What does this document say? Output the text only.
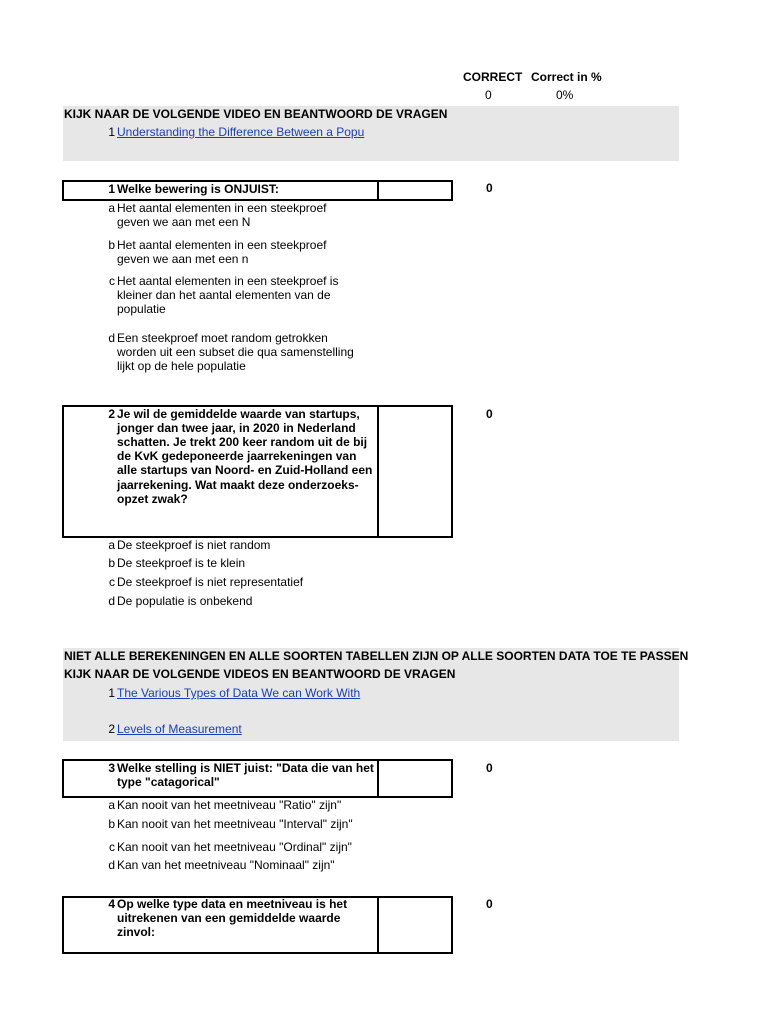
CORRECT Correct in %
0	0%
KIJK NAAR DE VOLGENDE VIDEO EN BEANTWOORD DE VRAGEN
1 Understanding the Difference Between a Popu
1 Welke bewering is ONJUIST:	0
a Het aantal elementen in een steekproef
geven we aan met een N
b Het aantal elementen in een steekproef
geven we aan met een n
c Het aantal elementen in een steekproef is
kleiner dan het aantal elementen van de
populatie
d Een steekproef moet random getrokken
worden uit een subset die qua samenstelling
lijkt op de hele populatie
2 Je wil de gemiddelde waarde van startups,
jonger dan twee jaar, in 2020 in Nederland
schatten. Je trekt 200 keer random uit de bij
de KvK gedeponeerde jaarrekeningen van
alle startups van Noord- en Zuid-Holland een
jaarrekening. Wat maakt deze onderzoeks-
opzet zwak?
0
a De steekproef is niet random
b De steekproef is te klein
c De steekproef is niet representatief
d De populatie is onbekend
NIET ALLE BEREKENINGEN EN ALLE SOORTEN TABELLEN ZIJN OP ALLE SOORTEN DATA TOE TE PASSEN
KIJK NAAR DE VOLGENDE VIDEOS EN BEANTWOORD DE VRAGEN
1 The Various Types of Data We can Work With
2 Levels of Measurement
3 Welke stelling is NIET juist: "Data die van het
type "catagorical"
0
a Kan nooit van het meetniveau "Ratio" zijn"
b Kan nooit van het meetniveau "Interval" zijn"
c Kan nooit van het meetniveau "Ordinal" zijn"
d Kan van het meetniveau "Nominaal" zijn"
4 Op welke type data en meetniveau is het
uitrekenen van een gemiddelde waarde
zinvol:
0
